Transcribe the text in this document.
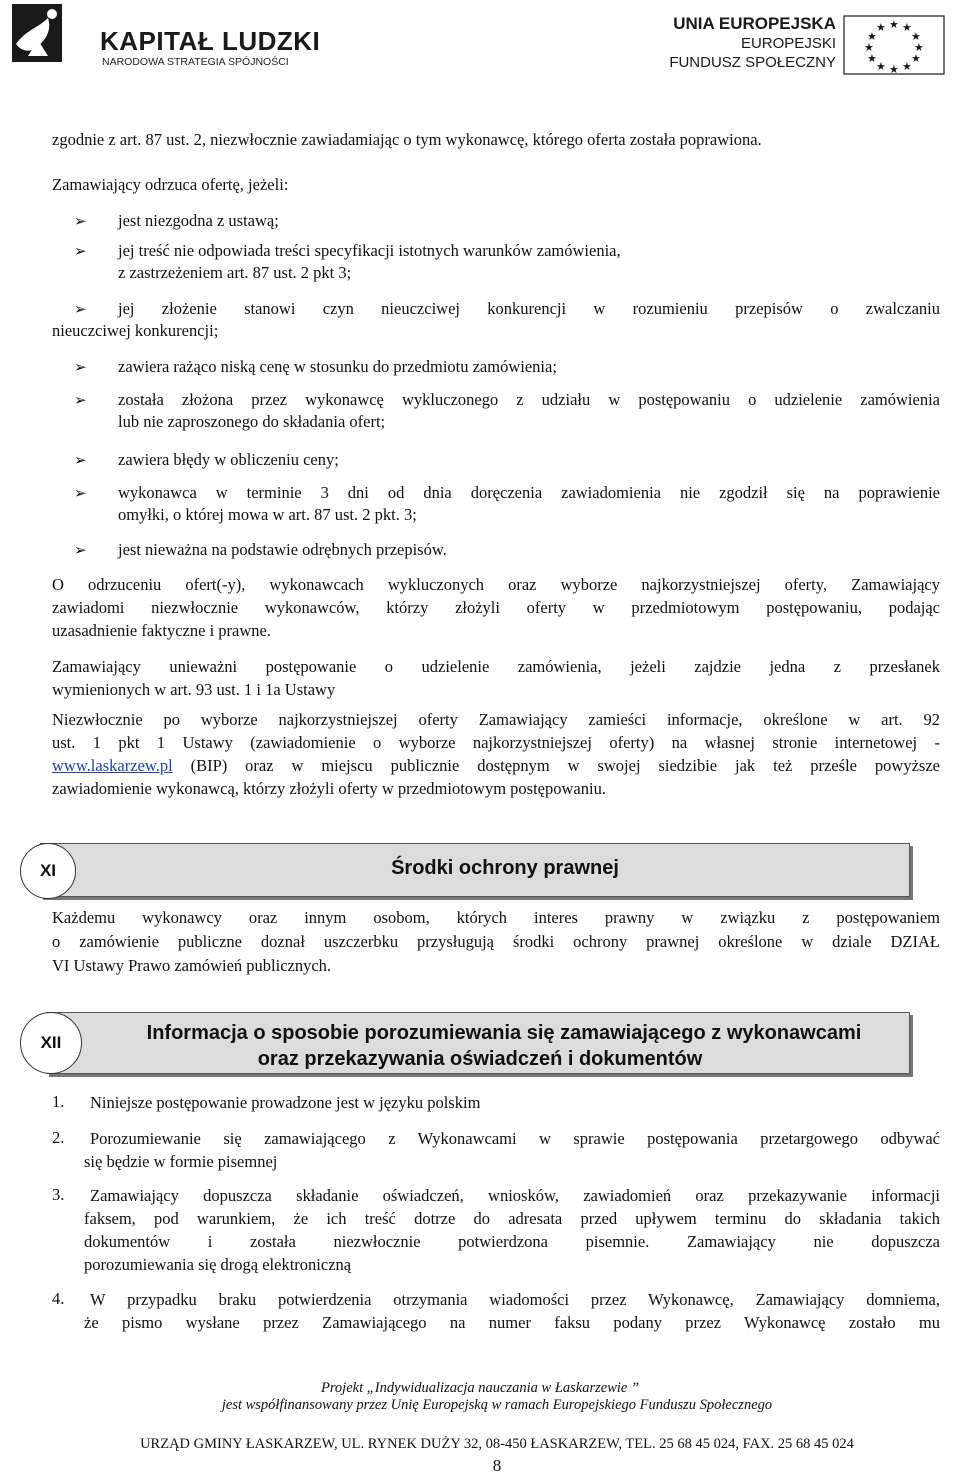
KAPITAŁ LUDZKI
NARODOWA STRATEGIA SPÓJNOŚCI
UNIA EUROPEJSKA
EUROPEJSKI
FUNDUSZ SPOŁECZNY
★ ★
★
★
★
★
★
★
★
★
★
★
zgodnie z art. 87 ust. 2, niezwłocznie zawiadamiając o tym wykonawcę, którego oferta została poprawiona.
Zamawiający odrzuca ofertę, jeżeli:
➢ jest niezgodna z ustawą;
➢ jej treść nie odpowiada treści specyfikacji istotnych warunków zamówienia,
z zastrzeżeniem art. 87 ust. 2 pkt 3;
➢ jej złożenie stanowi czyn nieuczciwej konkurencji w rozumieniu przepisów o zwalczaniu
nieuczciwej konkurencji;
➢ zawiera rażąco niską cenę w stosunku do przedmiotu zamówienia;
➢ została złożona przez wykonawcę wykluczonego z udziału w postępowaniu o udzielenie zamówienia
lub nie zaproszonego do składania ofert;
➢ zawiera błędy w obliczeniu ceny;
➢ wykonawca w terminie 3 dni od dnia doręczenia zawiadomienia nie zgodził się na poprawienie
omyłki, o której mowa w art. 87 ust. 2 pkt. 3;
➢ jest nieważna na podstawie odrębnych przepisów.
O odrzuceniu ofert(-y), wykonawcach wykluczonych oraz wyborze najkorzystniejszej oferty, Zamawiający
zawiadomi niezwłocznie wykonawców, którzy złożyli oferty w przedmiotowym postępowaniu, podając
uzasadnienie faktyczne i prawne.
Zamawiający unieważni postępowanie o udzielenie zamówienia, jeżeli zajdzie jedna z przesłanek
wymienionych w art. 93 ust. 1 i 1a Ustawy
Niezwłocznie po wyborze najkorzystniejszej oferty Zamawiający zamieści informacje, określone w art. 92
ust. 1 pkt 1 Ustawy (zawiadomienie o wyborze najkorzystniejszej oferty) na własnej stronie internetowej -
www.laskarzew.pl (BIP) oraz w miejscu publicznie dostępnym w swojej siedzibie jak też prześle powyższe
zawiadomienie wykonawcą, którzy złożyli oferty w przedmiotowym postępowaniu.
XI	Środki ochrony prawnej
Każdemu wykonawcy oraz innym osobom, których interes prawny w związku z postępowaniem
o zamówienie publiczne doznał uszczerbku przysługują środki ochrony prawnej określone w dziale DZIAŁ
VI Ustawy Prawo zamówień publicznych.
XII	Informacja o sposobie porozumiewania się zamawiającego z wykonawcami
oraz przekazywania oświadczeń i dokumentów
1. Niniejsze postępowanie prowadzone jest w języku polskim
2. Porozumiewanie się zamawiającego z Wykonawcami w sprawie postępowania przetargowego odbywać
się będzie w formie pisemnej
3. Zamawiający dopuszcza składanie oświadczeń, wniosków, zawiadomień oraz przekazywanie informacji
faksem, pod warunkiem, że ich treść dotrze do adresata przed upływem terminu do składania takich
dokumentów i została niezwłocznie potwierdzona pisemnie. Zamawiający nie dopuszcza
porozumiewania się drogą elektroniczną
4. W przypadku braku potwierdzenia otrzymania wiadomości przez Wykonawcę, Zamawiający domniema,
że pismo wysłane przez Zamawiającego na numer faksu podany przez Wykonawcę zostało mu
Projekt „Indywidualizacja nauczania w Łaskarzewie ”
jest współfinansowany przez Unię Europejską w ramach Europejskiego Funduszu Społecznego
URZĄD GMINY ŁASKARZEW, UL. RYNEK DUŻY 32, 08-450 ŁASKARZEW, TEL. 25 68 45 024, FAX. 25 68 45 024
8
